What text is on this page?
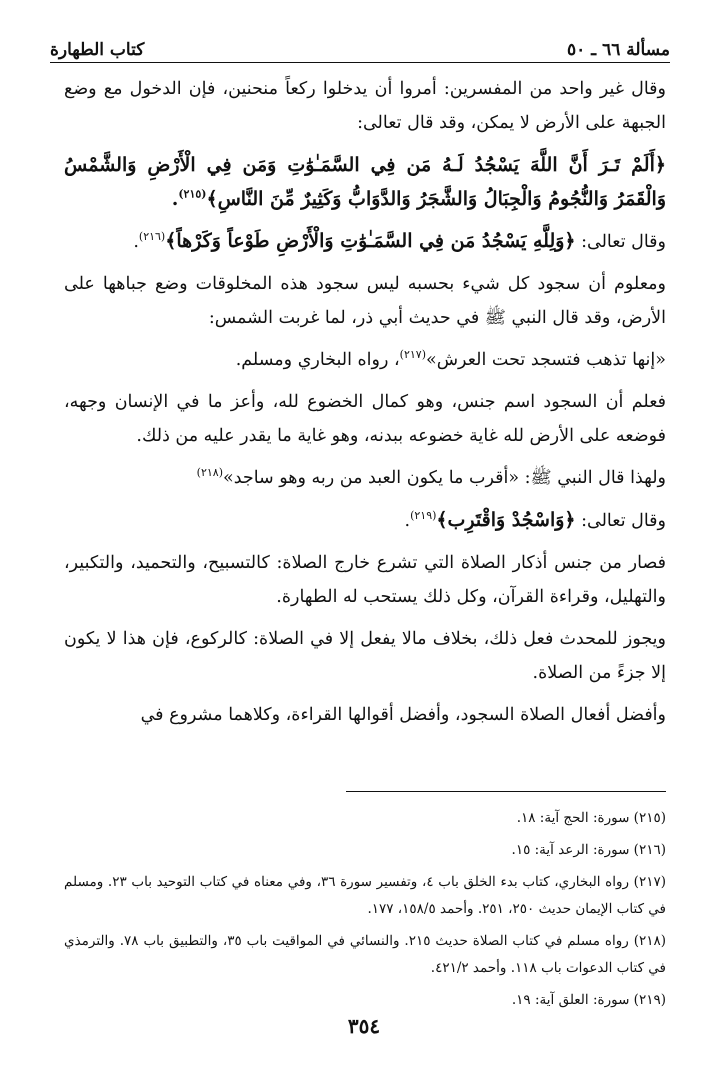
مسألة ٦٦ ـ ٥٠
كتاب الطهارة

وقال غير واحد من المفسرين: أمروا أن يدخلوا ركعاً منحنين، فإن الدخول مع وضع الجبهة على الأرض لا يمكن، وقد قال تعالى:

﴿أَلَمْ تَـرَ أَنَّ اللَّهَ يَسْجُدُ لَـهُ مَن فِي السَّمَـٰوَٰتِ وَمَن فِي الْأَرْضِ وَالشَّمْسُ وَالْقَمَرُ وَالنُّجُومُ وَالْجِبَالُ وَالشَّجَرُ وَالدَّوَابُّ وَكَثِيرٌ مِّنَ النَّاسِ﴾$^{(٢١٥)}$.

وقال تعالى: ﴿وَلِلَّهِ يَسْجُدُ مَن فِي السَّمَـٰوَٰتِ وَالْأَرْضِ طَوْعاً وَكَرْهاً﴾$^{(٢١٦)}$.

ومعلوم أن سجود كل شيء بحسبه ليس سجود هذه المخلوقات وضع جباهها على الأرض، وقد قال النبي ﷺ في حديث أبي ذر، لما غربت الشمس:

«إنها تذهب فتسجد تحت العرش»$^{(٢١٧)}$، رواه البخاري ومسلم.

فعلم أن السجود اسم جنس، وهو كمال الخضوع لله، وأعز ما في الإنسان وجهه، فوضعه على الأرض لله غاية خضوعه ببدنه، وهو غاية ما يقدر عليه من ذلك.

ولهذا قال النبي ﷺ: «أقرب ما يكون العبد من ربه وهو ساجد»$^{(٢١٨)}$

وقال تعالى: ﴿وَاسْجُدْ وَاقْتَرِب﴾$^{(٢١٩)}$.

فصار من جنس أذكار الصلاة التي تشرع خارج الصلاة: كالتسبيح، والتحميد، والتكبير، والتهليل، وقراءة القرآن، وكل ذلك يستحب له الطهارة.

ويجوز للمحدث فعل ذلك، بخلاف مالا يفعل إلا في الصلاة: كالركوع، فإن هذا لا يكون إلا جزءً من الصلاة.

وأفضل أفعال الصلاة السجود، وأفضل أقوالها القراءة، وكلاهما مشروع في

(٢١٥) سورة: الحج آية: ١٨.

(٢١٦) سورة: الرعد آية: ١٥.

(٢١٧) رواه البخاري، كتاب بدء الخلق باب ٤، وتفسير سورة ٣٦، وفي معناه في كتاب التوحيد باب ٢٣. ومسلم في كتاب الإيمان حديث ٢٥٠، ٢٥١. وأحمد ١٥٨/٥، ١٧٧.

(٢١٨) رواه مسلم في كتاب الصلاة حديث ٢١٥. والنسائي في المواقيت باب ٣٥، والتطبيق باب ٧٨. والترمذي في كتاب الدعوات باب ١١٨. وأحمد ٤٢١/٢.

(٢١٩) سورة: العلق آية: ١٩.

٣٥٤
